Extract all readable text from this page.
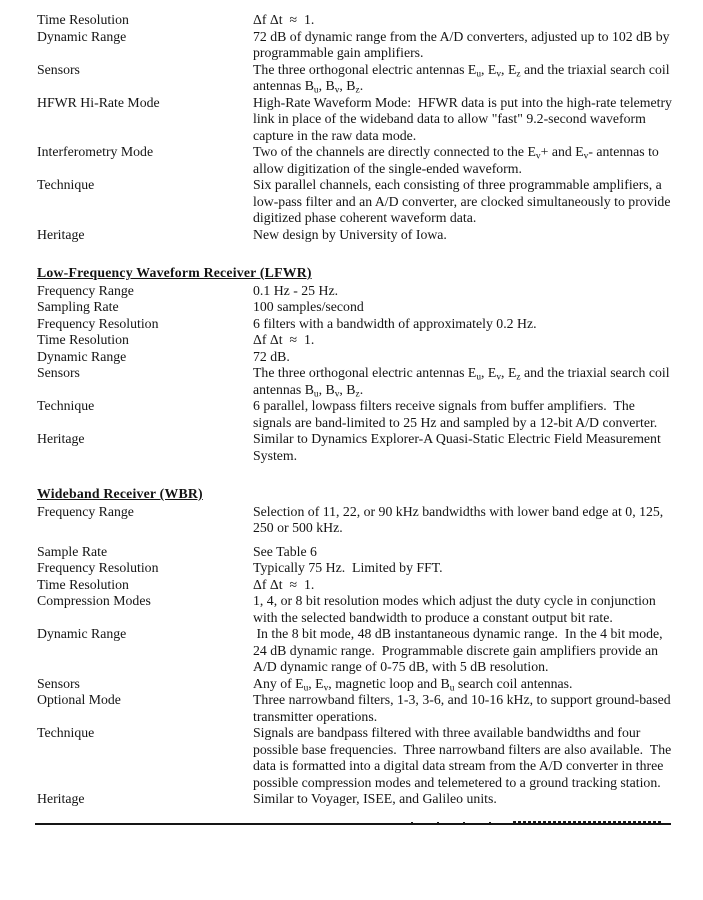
Time Resolution	Δf Δt  ≈  1.
Dynamic Range	72 dB of dynamic range from the A/D converters, adjusted up to 102 dB by programmable gain amplifiers.
Sensors	The three orthogonal electric antennas $E_u$, $E_v$, $E_z$ and the triaxial search coil antennas $B_u$, $B_v$, $B_z$.
HFWR Hi-Rate Mode	High-Rate Waveform Mode:  HFWR data is put into the high-rate telemetry link in place of the wideband data to allow "fast" 9.2-second waveform capture in the raw data mode.
Interferometry Mode	Two of the channels are directly connected to the $E_v+$ and $E_v-$ antennas to allow digitization of the single-ended waveform.
Technique	Six parallel channels, each consisting of three programmable amplifiers, a low-pass filter and an A/D converter, are clocked simultaneously to provide digitized phase coherent waveform data.
Heritage	New design by University of Iowa.
Low-Frequency Waveform Receiver (LFWR)
Frequency Range	0.1 Hz - 25 Hz.
Sampling Rate	100 samples/second
Frequency Resolution	6 filters with a bandwidth of approximately 0.2 Hz.
Time Resolution	Δf Δt  ≈  1.
Dynamic Range	72 dB.
Sensors	The three orthogonal electric antennas $E_u$, $E_v$, $E_z$ and the triaxial search coil antennas $B_u$, $B_v$, $B_z$.
Technique	6 parallel, lowpass filters receive signals from buffer amplifiers.  The signals are band-limited to 25 Hz and sampled by a 12-bit A/D converter.
Heritage	Similar to Dynamics Explorer-A Quasi-Static Electric Field Measurement System.
Wideband Receiver (WBR)
Frequency Range	Selection of 11, 22, or 90 kHz bandwidths with lower band edge at 0, 125, 250 or 500 kHz.
Sample Rate	See Table 6
Frequency Resolution	Typically 75 Hz.  Limited by FFT.
Time Resolution	Δf Δt  ≈  1.
Compression Modes	1, 4, or 8 bit resolution modes which adjust the duty cycle in conjunction with the selected bandwidth to produce a constant output bit rate.
Dynamic Range	In the 8 bit mode, 48 dB instantaneous dynamic range.  In the 4 bit mode, 24 dB dynamic range.  Programmable discrete gain amplifiers provide an A/D dynamic range of 0-75 dB, with 5 dB resolution.
Sensors	Any of $E_u$, $E_v$, magnetic loop and $B_u$ search coil antennas.
Optional Mode	Three narrowband filters, 1-3, 3-6, and 10-16 kHz, to support ground-based transmitter operations.
Technique	Signals are bandpass filtered with three available bandwidths and four possible base frequencies.  Three narrowband filters are also available.  The data is formatted into a digital data stream from the A/D converter in three possible compression modes and telemetered to a ground tracking station.
Heritage	Similar to Voyager, ISEE, and Galileo units.
